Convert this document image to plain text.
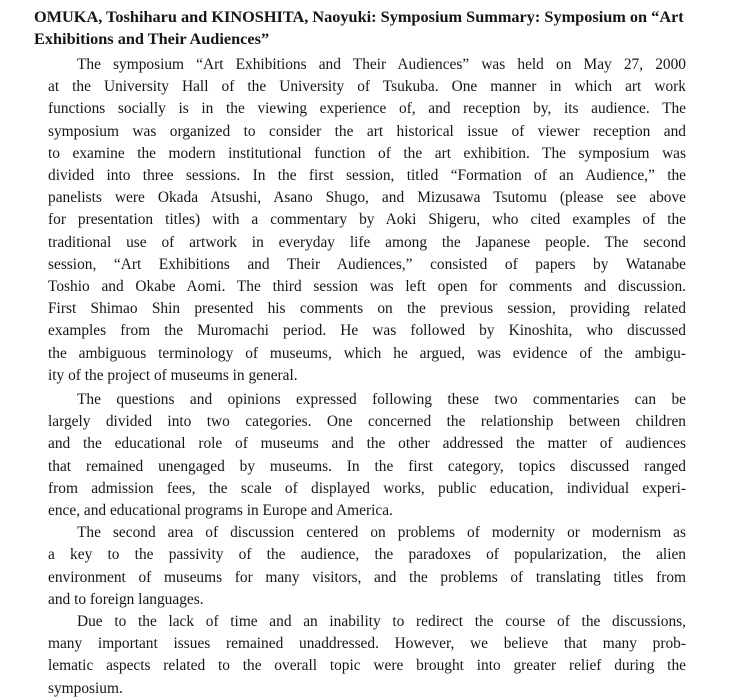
OMUKA, Toshiharu and KINOSHITA, Naoyuki: Symposium Summary: Symposium on “Art
Exhibitions and Their Audiences”
The symposium “Art Exhibitions and Their Audiences” was held on May 27, 2000
at the University Hall of the University of Tsukuba. One manner in which art work
functions socially is in the viewing experience of, and reception by, its audience. The
symposium was organized to consider the art historical issue of viewer reception and
to examine the modern institutional function of the art exhibition. The symposium was
divided into three sessions. In the first session, titled “Formation of an Audience,” the
panelists were Okada Atsushi, Asano Shugo, and Mizusawa Tsutomu (please see above
for presentation titles) with a commentary by Aoki Shigeru, who cited examples of the
traditional use of artwork in everyday life among the Japanese people. The second
session, “Art Exhibitions and Their Audiences,” consisted of papers by Watanabe
Toshio and Okabe Aomi. The third session was left open for comments and discussion.
First Shimao Shin presented his comments on the previous session, providing related
examples from the Muromachi period. He was followed by Kinoshita, who discussed
the ambiguous terminology of museums, which he argued, was evidence of the ambigu-
ity of the project of museums in general.
The questions and opinions expressed following these two commentaries can be
largely divided into two categories. One concerned the relationship between children
and the educational role of museums and the other addressed the matter of audiences
that remained unengaged by museums. In the first category, topics discussed ranged
from admission fees, the scale of displayed works, public education, individual experi-
ence, and educational programs in Europe and America.
The second area of discussion centered on problems of modernity or modernism as
a key to the passivity of the audience, the paradoxes of popularization, the alien
environment of museums for many visitors, and the problems of translating titles from
and to foreign languages.
Due to the lack of time and an inability to redirect the course of the discussions,
many important issues remained unaddressed. However, we believe that many prob-
lematic aspects related to the overall topic were brought into greater relief during the
symposium.
